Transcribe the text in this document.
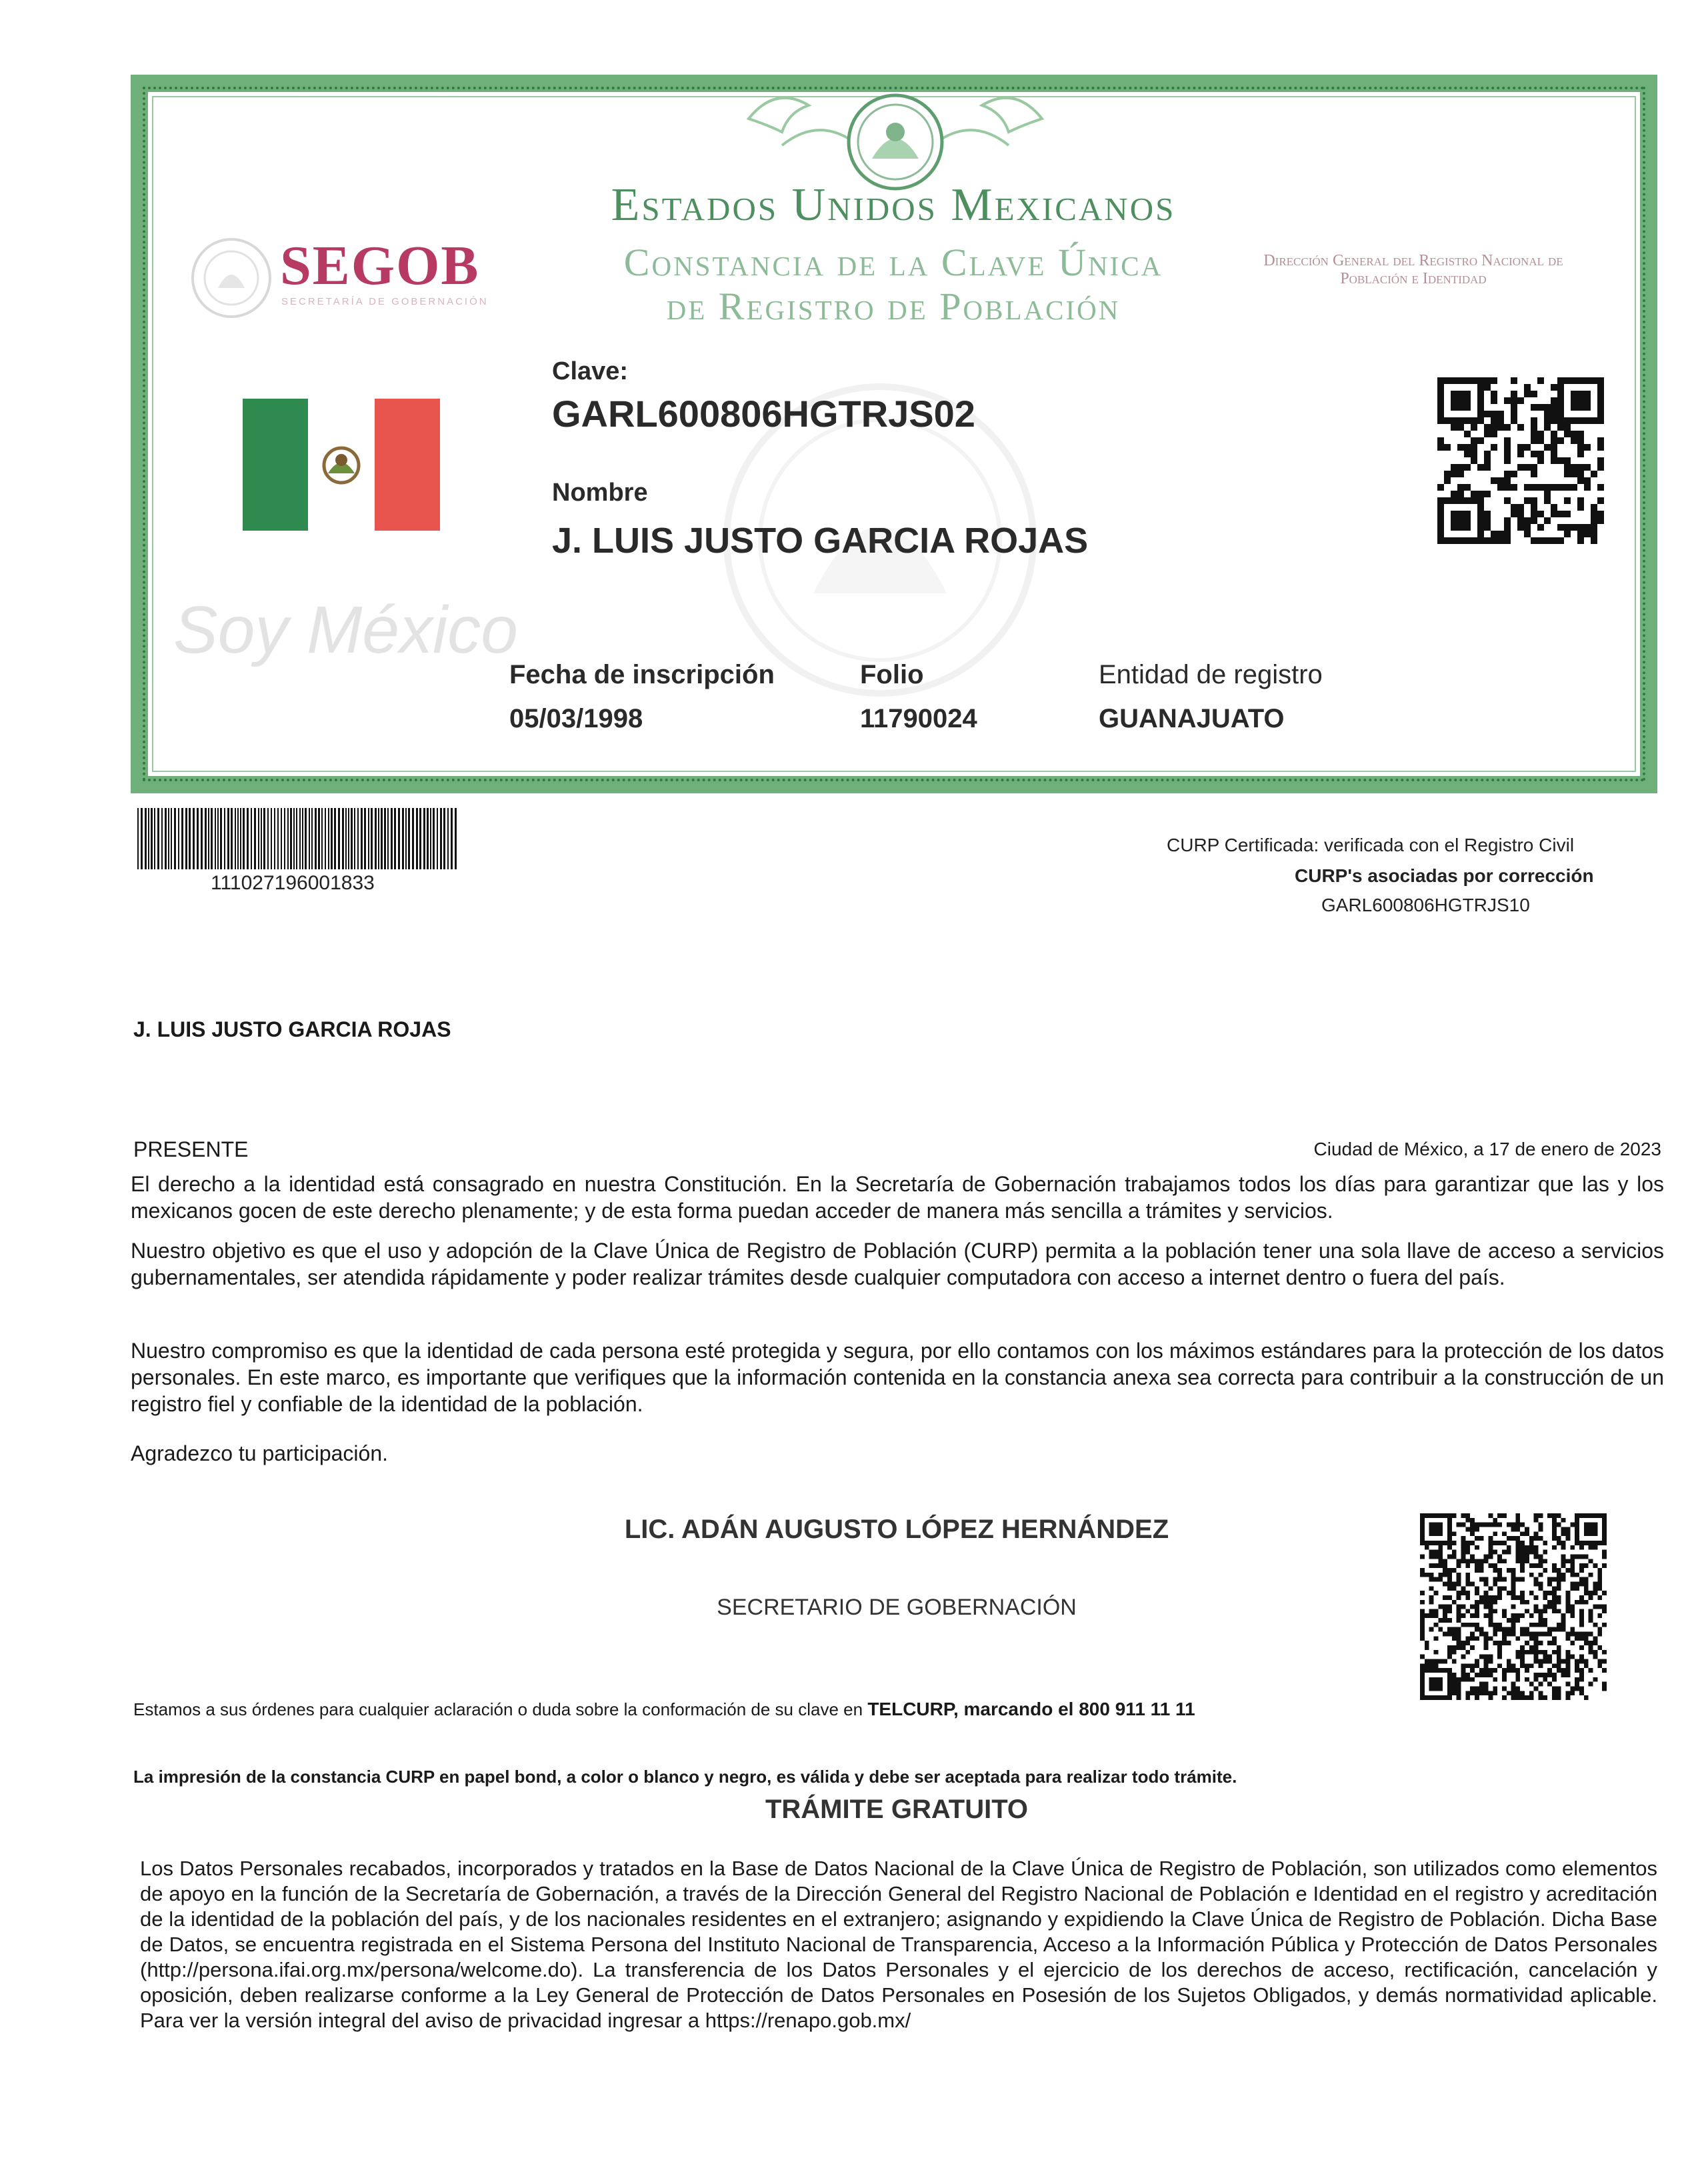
Estados Unidos Mexicanos
Constancia de la Clave Única
de Registro de Población
SEGOB
SECRETARÍA DE GOBERNACIÓN
Dirección General del Registro Nacional de Población e Identidad
Soy México
Clave:
GARL600806HGTRJS02
Nombre
J. LUIS JUSTO GARCIA ROJAS
Fecha de inscripción
05/03/1998
Folio
11790024
Entidad de registro
GUANAJUATO
111027196001833
CURP Certificada: verificada con el Registro Civil
CURP's asociadas por corrección
GARL600806HGTRJS10
J. LUIS JUSTO GARCIA ROJAS
PRESENTE	Ciudad de México, a 17 de enero de 2023
El derecho a la identidad está consagrado en nuestra Constitución. En la Secretaría de Gobernación trabajamos todos los días para garantizar que las y los mexicanos gocen de este derecho plenamente; y de esta forma puedan acceder de manera más sencilla a trámites y servicios.
Nuestro objetivo es que el uso y adopción de la Clave Única de Registro de Población (CURP) permita a la población tener una sola llave de acceso a servicios gubernamentales, ser atendida rápidamente y poder realizar trámites desde cualquier computadora con acceso a internet dentro o fuera del país.
Nuestro compromiso es que la identidad de cada persona esté protegida y segura, por ello contamos con los máximos estándares para la protección de los datos personales. En este marco, es importante que verifiques que la información contenida en la constancia anexa sea correcta para contribuir a la construcción de un registro fiel y confiable de la identidad de la población.
Agradezco tu participación.
LIC. ADÁN AUGUSTO LÓPEZ HERNÁNDEZ
SECRETARIO DE GOBERNACIÓN
Estamos a sus órdenes para cualquier aclaración o duda sobre la conformación de su clave en TELCURP, marcando el 800 911 11 11
La impresión de la constancia CURP en papel bond, a color o blanco y negro, es válida y debe ser aceptada para realizar todo trámite.
TRÁMITE GRATUITO
Los Datos Personales recabados, incorporados y tratados en la Base de Datos Nacional de la Clave Única de Registro de Población, son utilizados como elementos de apoyo en la función de la Secretaría de Gobernación, a través de la Dirección General del Registro Nacional de Población e Identidad en el registro y acreditación de la identidad de la población del país, y de los nacionales residentes en el extranjero; asignando y expidiendo la Clave Única de Registro de Población. Dicha Base de Datos, se encuentra registrada en el Sistema Persona del Instituto Nacional de Transparencia, Acceso a la Información Pública y Protección de Datos Personales (http://persona.ifai.org.mx/persona/welcome.do). La transferencia de los Datos Personales y el ejercicio de los derechos de acceso, rectificación, cancelación y oposición, deben realizarse conforme a la Ley General de Protección de Datos Personales en Posesión de los Sujetos Obligados, y demás normatividad aplicable. Para ver la versión integral del aviso de privacidad ingresar a https://renapo.gob.mx/
